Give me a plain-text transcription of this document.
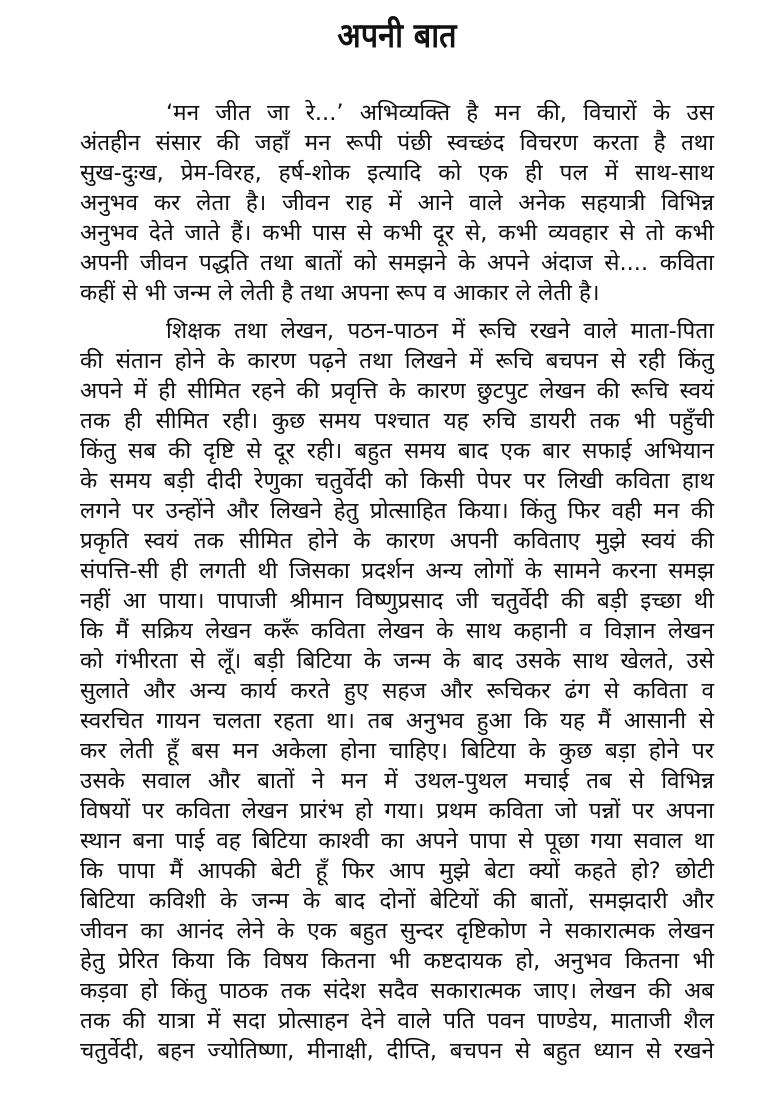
अपनी बात
‘मन जीत जा रे...’ अभिव्यक्ति है मन की, विचारों के उस
अंतहीन संसार की जहाँ मन रूपी पंछी स्वच्छंद विचरण करता है तथा
सुख-दुःख, प्रेम-विरह, हर्ष-शोक इत्यादि को एक ही पल में साथ-साथ
अनुभव कर लेता है। जीवन राह में आने वाले अनेक सहयात्री विभिन्न
अनुभव देते जाते हैं। कभी पास से कभी दूर से, कभी व्यवहार से तो कभी
अपनी जीवन पद्धति तथा बातों को समझने के अपने अंदाज से.... कविता
कहीं से भी जन्म ले लेती है तथा अपना रूप व आकार ले लेती है।
शिक्षक तथा लेखन, पठन-पाठन में रूचि रखने वाले माता-पिता
की संतान होने के कारण पढ़ने तथा लिखने में रूचि बचपन से रही किंतु
अपने में ही सीमित रहने की प्रवृत्ति के कारण छुटपुट लेखन की रूचि स्वयं
तक ही सीमित रही। कुछ समय पश्चात यह रुचि डायरी तक भी पहुँची
किंतु सब की दृष्टि से दूर रही। बहुत समय बाद एक बार सफाई अभियान
के समय बड़ी दीदी रेणुका चतुर्वेदी को किसी पेपर पर लिखी कविता हाथ
लगने पर उन्होंने और लिखने हेतु प्रोत्साहित किया। किंतु फिर वही मन की
प्रकृति स्वयं तक सीमित होने के कारण अपनी कविताए मुझे स्वयं की
संपत्ति-सी ही लगती थी जिसका प्रदर्शन अन्य लोगों के सामने करना समझ
नहीं आ पाया। पापाजी श्रीमान विष्णुप्रसाद जी चतुर्वेदी की बड़ी इच्छा थी
कि मैं सक्रिय लेखन करूँ कविता लेखन के साथ कहानी व विज्ञान लेखन
को गंभीरता से लूँ। बड़ी बिटिया के जन्म के बाद उसके साथ खेलते, उसे
सुलाते और अन्य कार्य करते हुए सहज और रूचिकर ढंग से कविता व
स्वरचित गायन चलता रहता था। तब अनुभव हुआ कि यह मैं आसानी से
कर लेती हूँ बस मन अकेला होना चाहिए। बिटिया के कुछ बड़ा होने पर
उसके सवाल और बातों ने मन में उथल-पुथल मचाई तब से विभिन्न
विषयों पर कविता लेखन प्रारंभ हो गया। प्रथम कविता जो पन्नों पर अपना
स्थान बना पाई वह बिटिया काश्वी का अपने पापा से पूछा गया सवाल था
कि पापा मैं आपकी बेटी हूँ फिर आप मुझे बेटा क्यों कहते हो? छोटी
बिटिया कविशी के जन्म के बाद दोनों बेटियों की बातों, समझदारी और
जीवन का आनंद लेने के एक बहुत सुन्दर दृष्टिकोण ने सकारात्मक लेखन
हेतु प्रेरित किया कि विषय कितना भी कष्टदायक हो, अनुभव कितना भी
कड़वा हो किंतु पाठक तक संदेश सदैव सकारात्मक जाए। लेखन की अब
तक की यात्रा में सदा प्रोत्साहन देने वाले पति पवन पाण्डेय, माताजी शैल
चतुर्वेदी, बहन ज्योतिष्णा, मीनाक्षी, दीप्ति, बचपन से बहुत ध्यान से रखने
